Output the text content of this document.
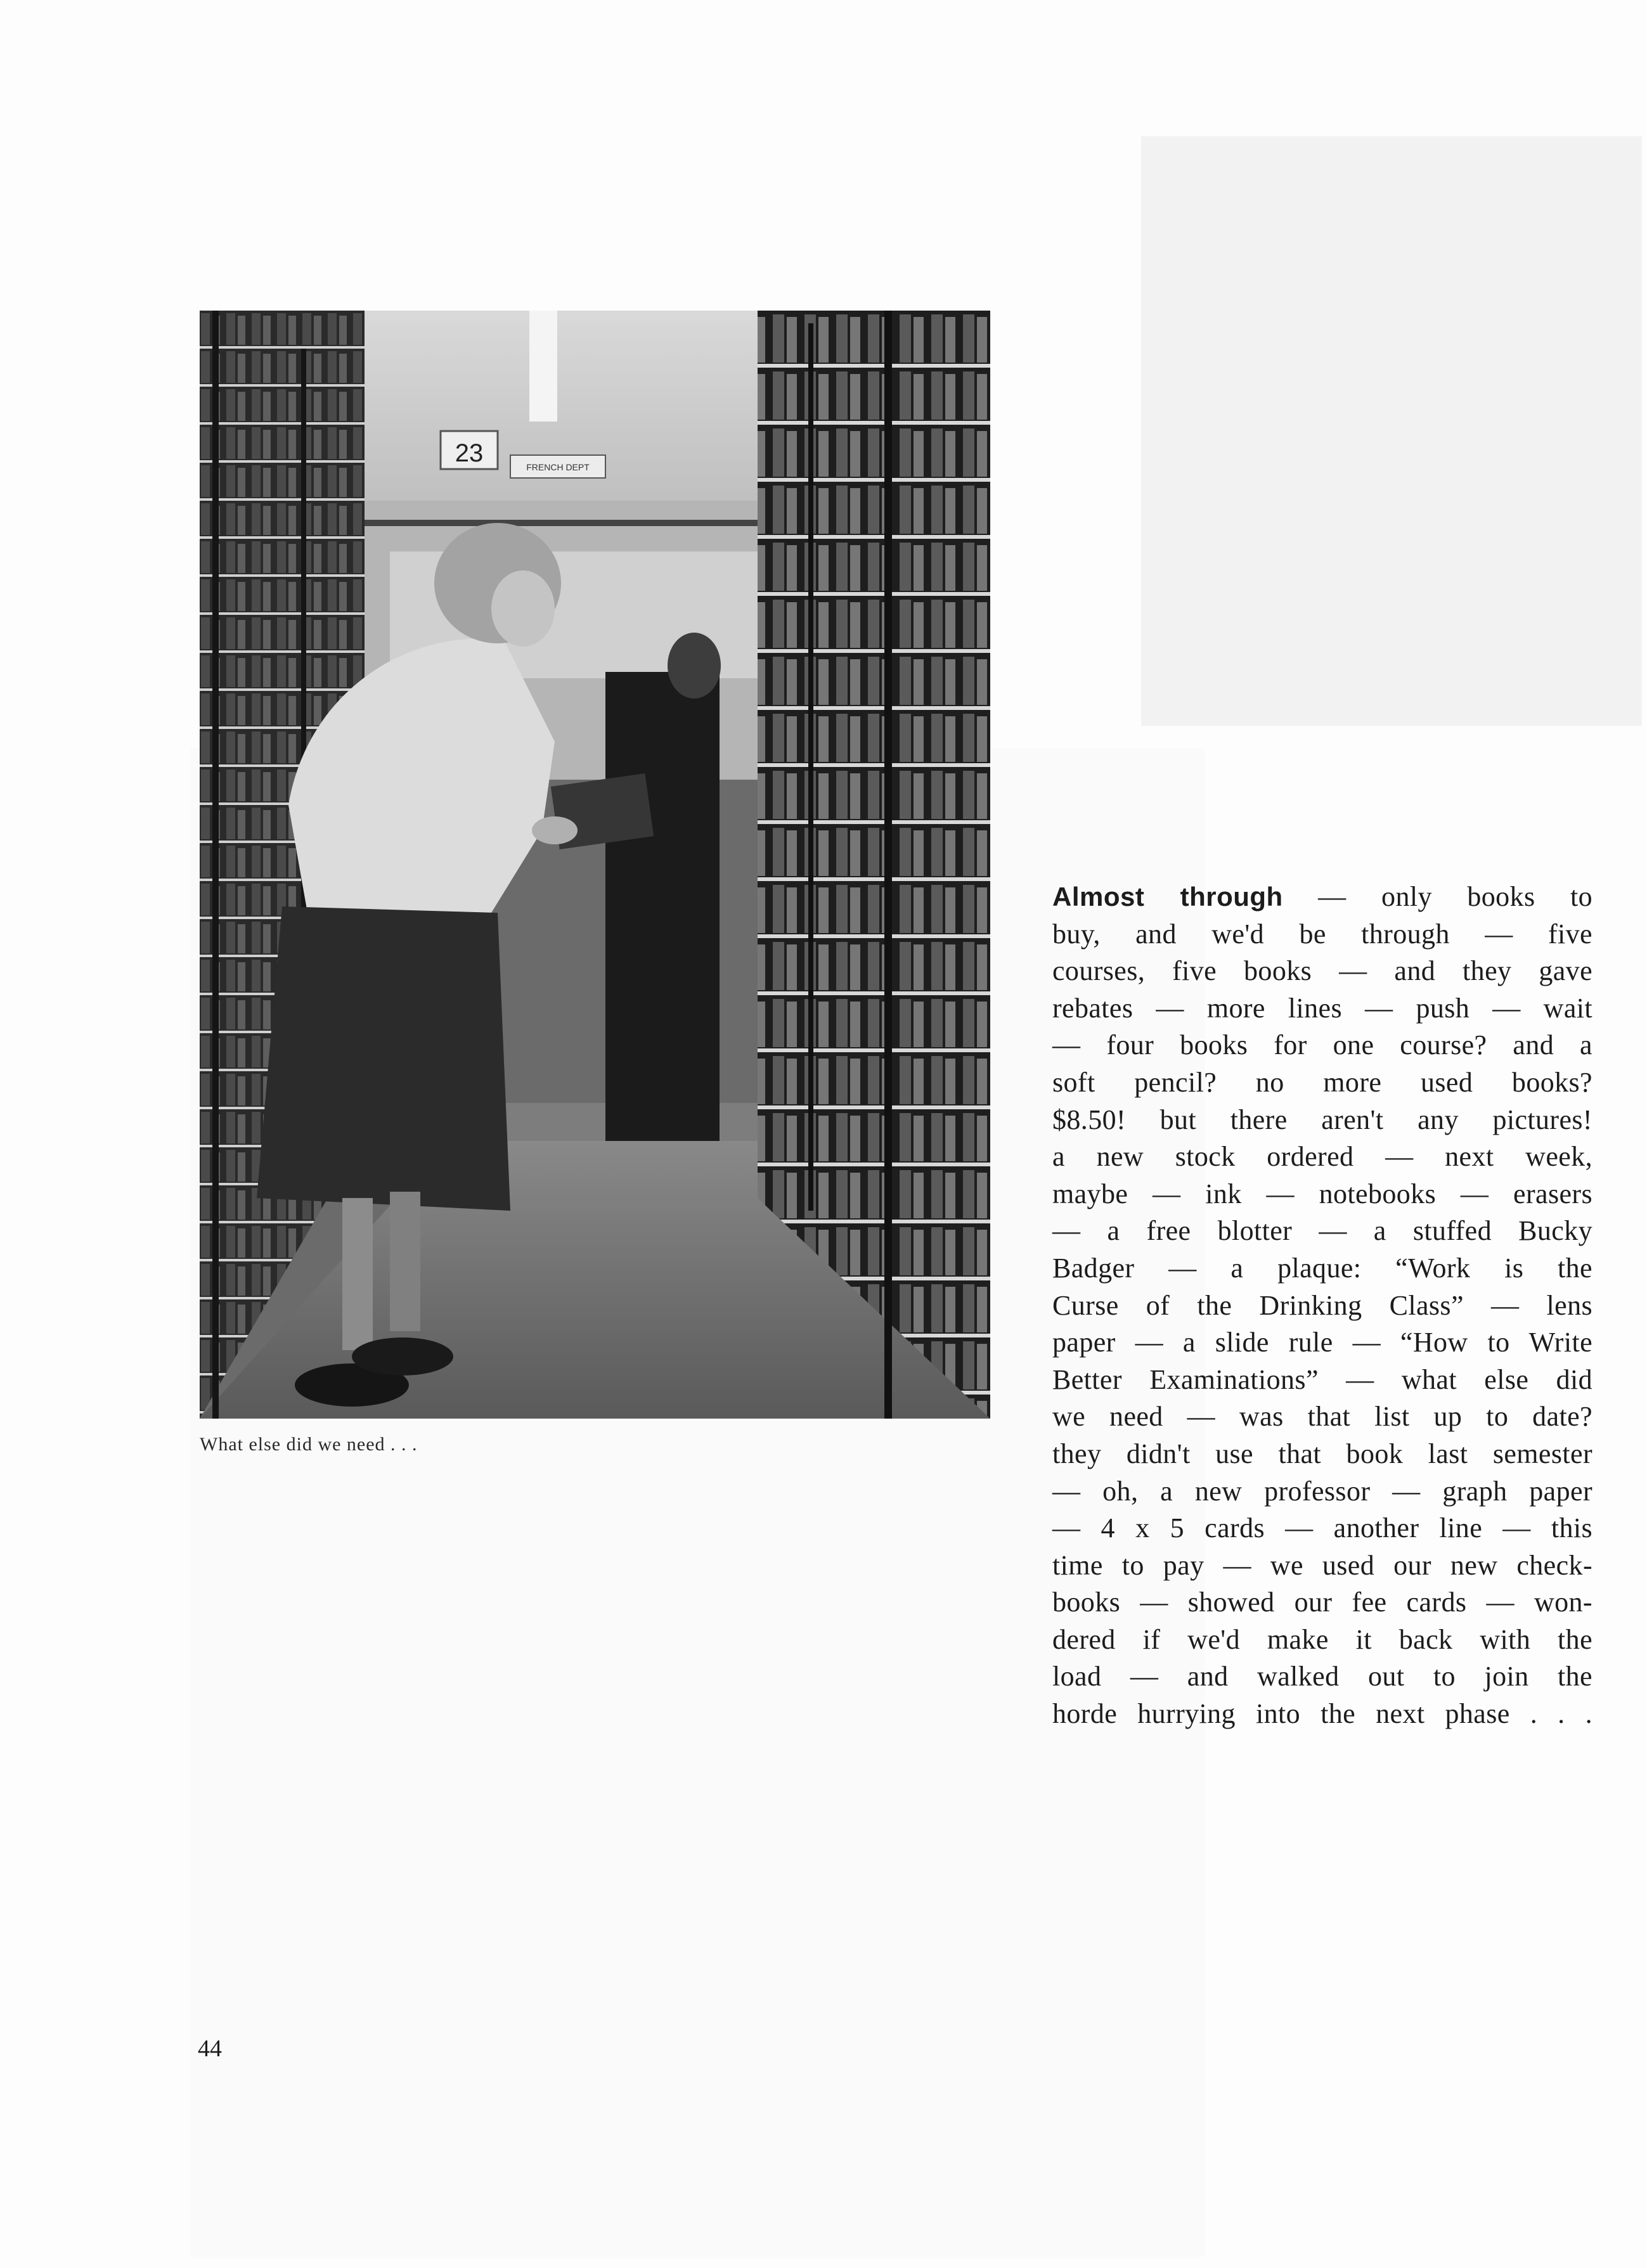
23	FRENCH DEPT
What else did we need . . .
Almost through — only books to
buy, and we'd be through — five
courses, five books — and they gave
rebates — more lines — push — wait
— four books for one course? and a
soft pencil? no more used books?
$8.50! but there aren't any pictures!
a new stock ordered — next week,
maybe — ink — notebooks — erasers
— a free blotter — a stuffed Bucky
Badger — a plaque: “Work is the
Curse of the Drinking Class” — lens
paper — a slide rule — “How to Write
Better Examinations” — what else did
we need — was that list up to date?
they didn't use that book last semester
— oh, a new professor — graph paper
— 4 x 5 cards — another line — this
time to pay — we used our new check-
books — showed our fee cards — won-
dered if we'd make it back with the
load — and walked out to join the
horde hurrying into the next phase . . .
44
